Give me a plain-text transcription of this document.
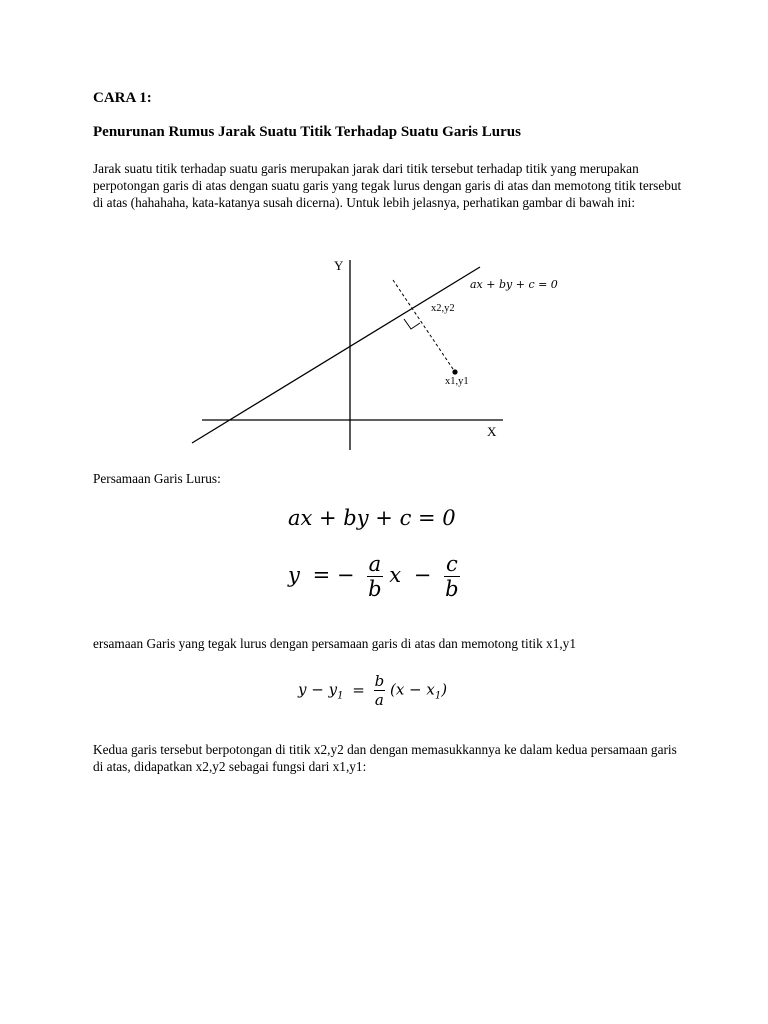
CARA 1:
Penurunan Rumus Jarak Suatu Titik Terhadap Suatu Garis Lurus

Jarak suatu titik terhadap suatu garis merupakan jarak dari titik tersebut terhadap titik yang merupakan perpotongan garis di atas dengan suatu garis yang tegak lurus dengan garis di atas dan memotong titik tersebut di atas (hahahaha, kata-katanya susah dicerna). Untuk lebih jelasnya, perhatikan gambar di bawah ini:

Y
X
ax + by + c = 0
x2,y2
x1,y1

Persamaan Garis Lurus:

ax + by + c = 0
y = − $\frac{a}{b}$ $x - \frac{c}{b}$

ersamaan Garis yang tegak lurus dengan persamaan garis di atas dan memotong titik x1,y1

$y - y_1 = \frac{b}{a} (x - x_1)$

Kedua garis tersebut berpotongan di titik x2,y2 dan dengan memasukkannya ke dalam kedua persamaan garis di atas, didapatkan x2,y2 sebagai fungsi dari x1,y1:
